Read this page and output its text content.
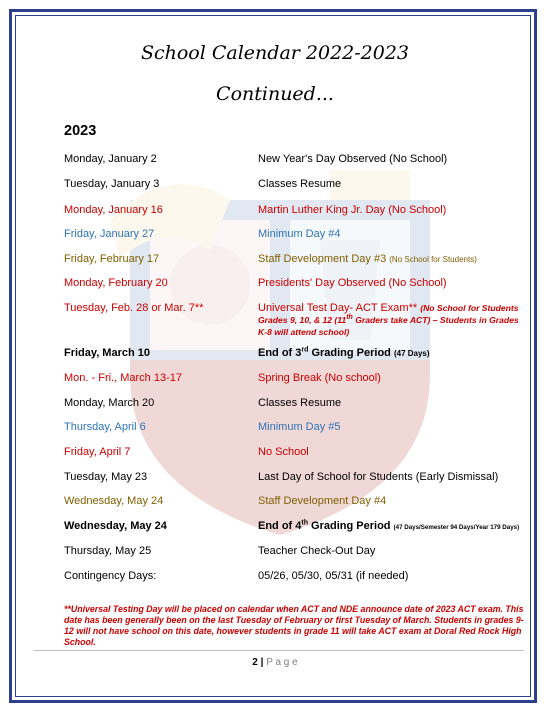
School Calendar 2022-2023
Continued...
2023
Monday, January 2	New Year's Day Observed (No School)
Tuesday, January 3	Classes Resume
Monday, January 16	Martin Luther King Jr. Day (No School)
Friday, January 27	Minimum Day #4
Friday, February 17	Staff Development Day #3 (No School for Students)
Monday, February 20	Presidents' Day Observed (No School)
Tuesday, Feb. 28 or Mar. 7**	Universal Test Day- ACT Exam** (No School for Students Grades 9, 10, & 12 (11th Graders take ACT) – Students in Grades K-8 will attend school)
Friday, March 10	End of 3rd Grading Period (47 Days)
Mon. - Fri., March 13-17	Spring Break (No school)
Monday, March 20	Classes Resume
Thursday, April 6	Minimum Day #5
Friday, April 7	No School
Tuesday, May 23	Last Day of School for Students (Early Dismissal)
Wednesday, May 24	Staff Development Day #4
Wednesday, May 24	End of 4th Grading Period (47 Days/Semester 94 Days/Year 179 Days)
Thursday, May 25	Teacher Check-Out Day
Contingency Days:	05/26, 05/30, 05/31 (if needed)
**Universal Testing Day will be placed on calendar when ACT and NDE announce date of 2023 ACT exam. This date has been generally been on the last Tuesday of February or first Tuesday of March. Students in grades 9-12 will not have school on this date, however students in grade 11 will take ACT exam at Doral Red Rock High School.
2 | P a g e
